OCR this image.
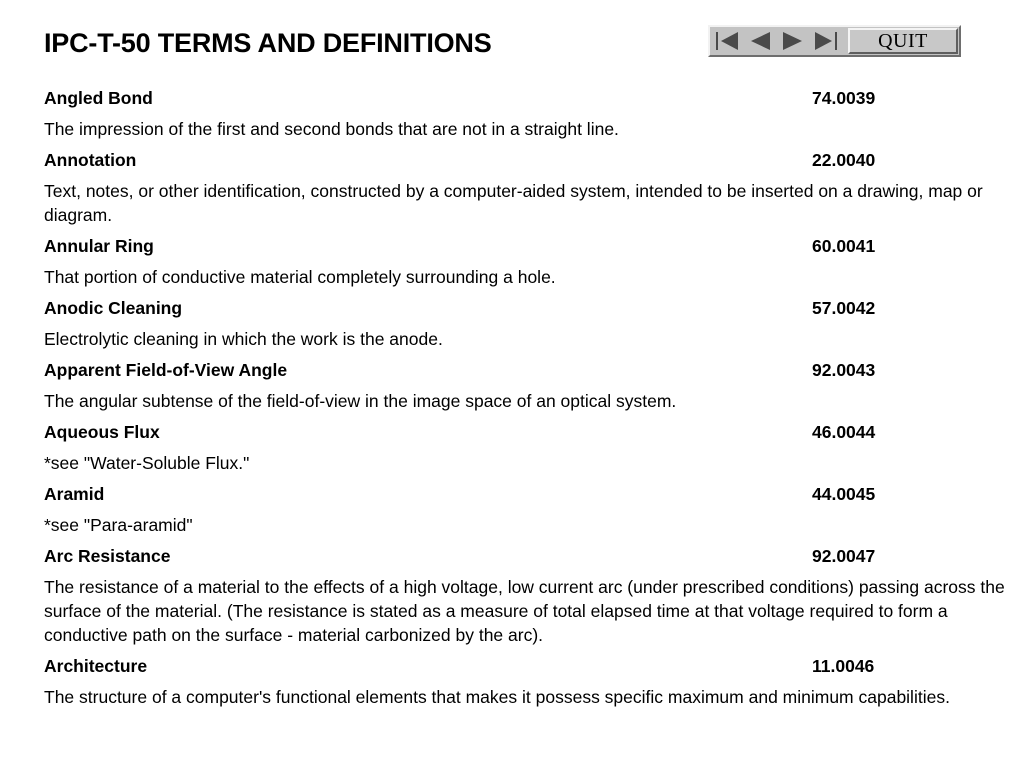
IPC-T-50 TERMS AND DEFINITIONS	QUIT
Angled Bond	74.0039

The impression of the first and second bonds that are not in a straight line.

Annotation	22.0040

Text, notes, or other identification, constructed by a computer-aided system, intended to be inserted on a drawing, map or diagram.

Annular Ring	60.0041

That portion of conductive material completely surrounding a hole.

Anodic Cleaning	57.0042

Electrolytic cleaning in which the work is the anode.

Apparent Field-of-View Angle	92.0043

The angular subtense of the field-of-view in the image space of an optical system.

Aqueous Flux	46.0044

*see "Water-Soluble Flux."

Aramid	44.0045

*see "Para-aramid"

Arc Resistance	92.0047

The resistance of a material to the effects of a high voltage, low current arc (under prescribed conditions) passing across the surface of the material. (The resistance is stated as a measure of total elapsed time at that voltage required to form a conductive path on the surface - material carbonized by the arc).

Architecture	11.0046

The structure of a computer's functional elements that makes it possess specific maximum and minimum capabilities.
